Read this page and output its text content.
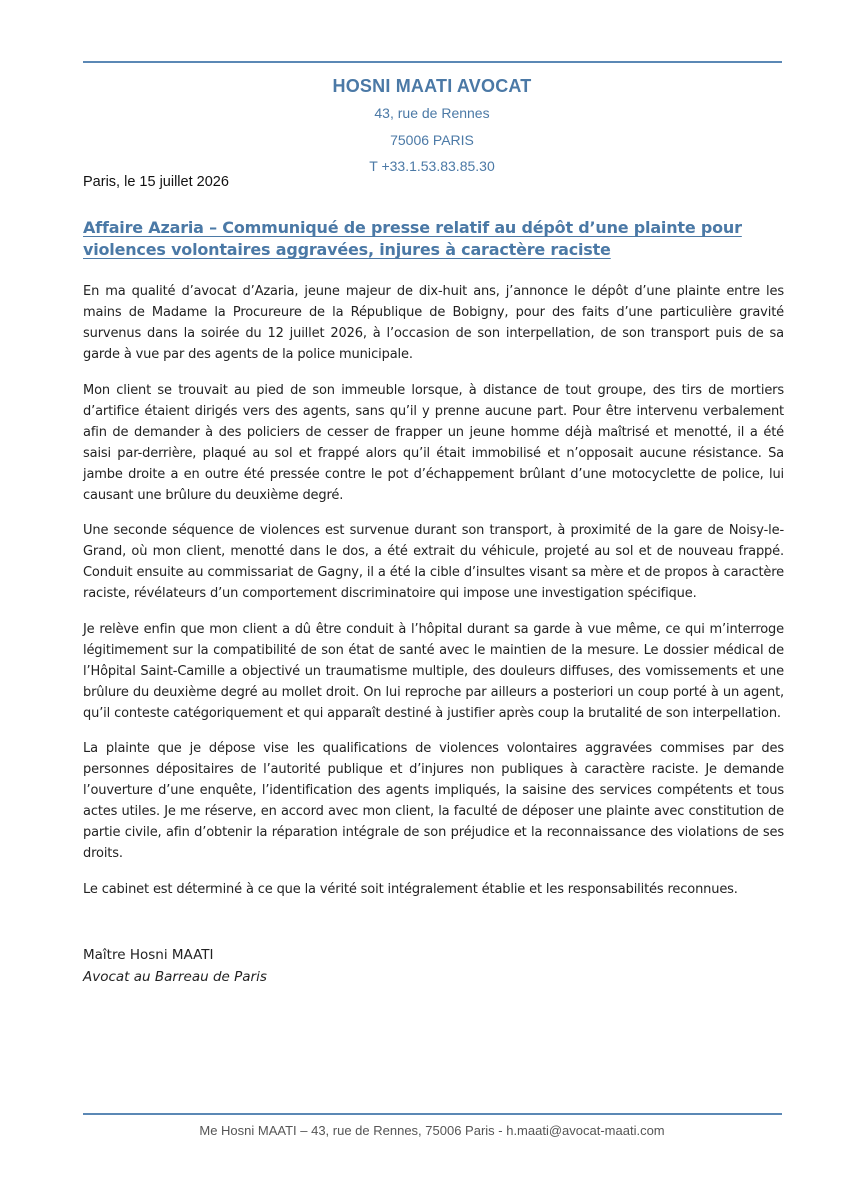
HOSNI MAATI AVOCAT
43, rue de Rennes
75006 PARIS
T +33.1.53.83.85.30
Paris, le 15 juillet 2026
Affaire Azaria – Communiqué de presse relatif au dépôt d’une plainte pour violences volontaires aggravées, injures à caractère raciste

En ma qualité d’avocat d’Azaria, jeune majeur de dix-huit ans, j’annonce le dépôt d’une plainte entre les mains de Madame la Procureure de la République de Bobigny, pour des faits d’une particulière gravité survenus dans la soirée du 12 juillet 2026, à l’occasion de son interpellation, de son transport puis de sa garde à vue par des agents de la police municipale.

Mon client se trouvait au pied de son immeuble lorsque, à distance de tout groupe, des tirs de mortiers d’artifice étaient dirigés vers des agents, sans qu’il y prenne aucune part. Pour être intervenu verbalement afin de demander à des policiers de cesser de frapper un jeune homme déjà maîtrisé et menotté, il a été saisi par-derrière, plaqué au sol et frappé alors qu’il était immobilisé et n’opposait aucune résistance. Sa jambe droite a en outre été pressée contre le pot d’échappement brûlant d’une motocyclette de police, lui causant une brûlure du deuxième degré.

Une seconde séquence de violences est survenue durant son transport, à proximité de la gare de Noisy-le-Grand, où mon client, menotté dans le dos, a été extrait du véhicule, projeté au sol et de nouveau frappé. Conduit ensuite au commissariat de Gagny, il a été la cible d’insultes visant sa mère et de propos à caractère raciste, révélateurs d’un comportement discriminatoire qui impose une investigation spécifique.

Je relève enfin que mon client a dû être conduit à l’hôpital durant sa garde à vue même, ce qui m’interroge légitimement sur la compatibilité de son état de santé avec le maintien de la mesure. Le dossier médical de l’Hôpital Saint-Camille a objectivé un traumatisme multiple, des douleurs diffuses, des vomissements et une brûlure du deuxième degré au mollet droit. On lui reproche par ailleurs a posteriori un coup porté à un agent, qu’il conteste catégoriquement et qui apparaît destiné à justifier après coup la brutalité de son interpellation.

La plainte que je dépose vise les qualifications de violences volontaires aggravées commises par des personnes dépositaires de l’autorité publique et d’injures non publiques à caractère raciste. Je demande l’ouverture d’une enquête, l’identification des agents impliqués, la saisine des services compétents et tous actes utiles. Je me réserve, en accord avec mon client, la faculté de déposer une plainte avec constitution de partie civile, afin d’obtenir la réparation intégrale de son préjudice et la reconnaissance des violations de ses droits.

Le cabinet est déterminé à ce que la vérité soit intégralement établie et les responsabilités reconnues.

Maître Hosni MAATI
Avocat au Barreau de Paris
Me Hosni MAATI – 43, rue de Rennes, 75006 Paris - h.maati@avocat-maati.com
